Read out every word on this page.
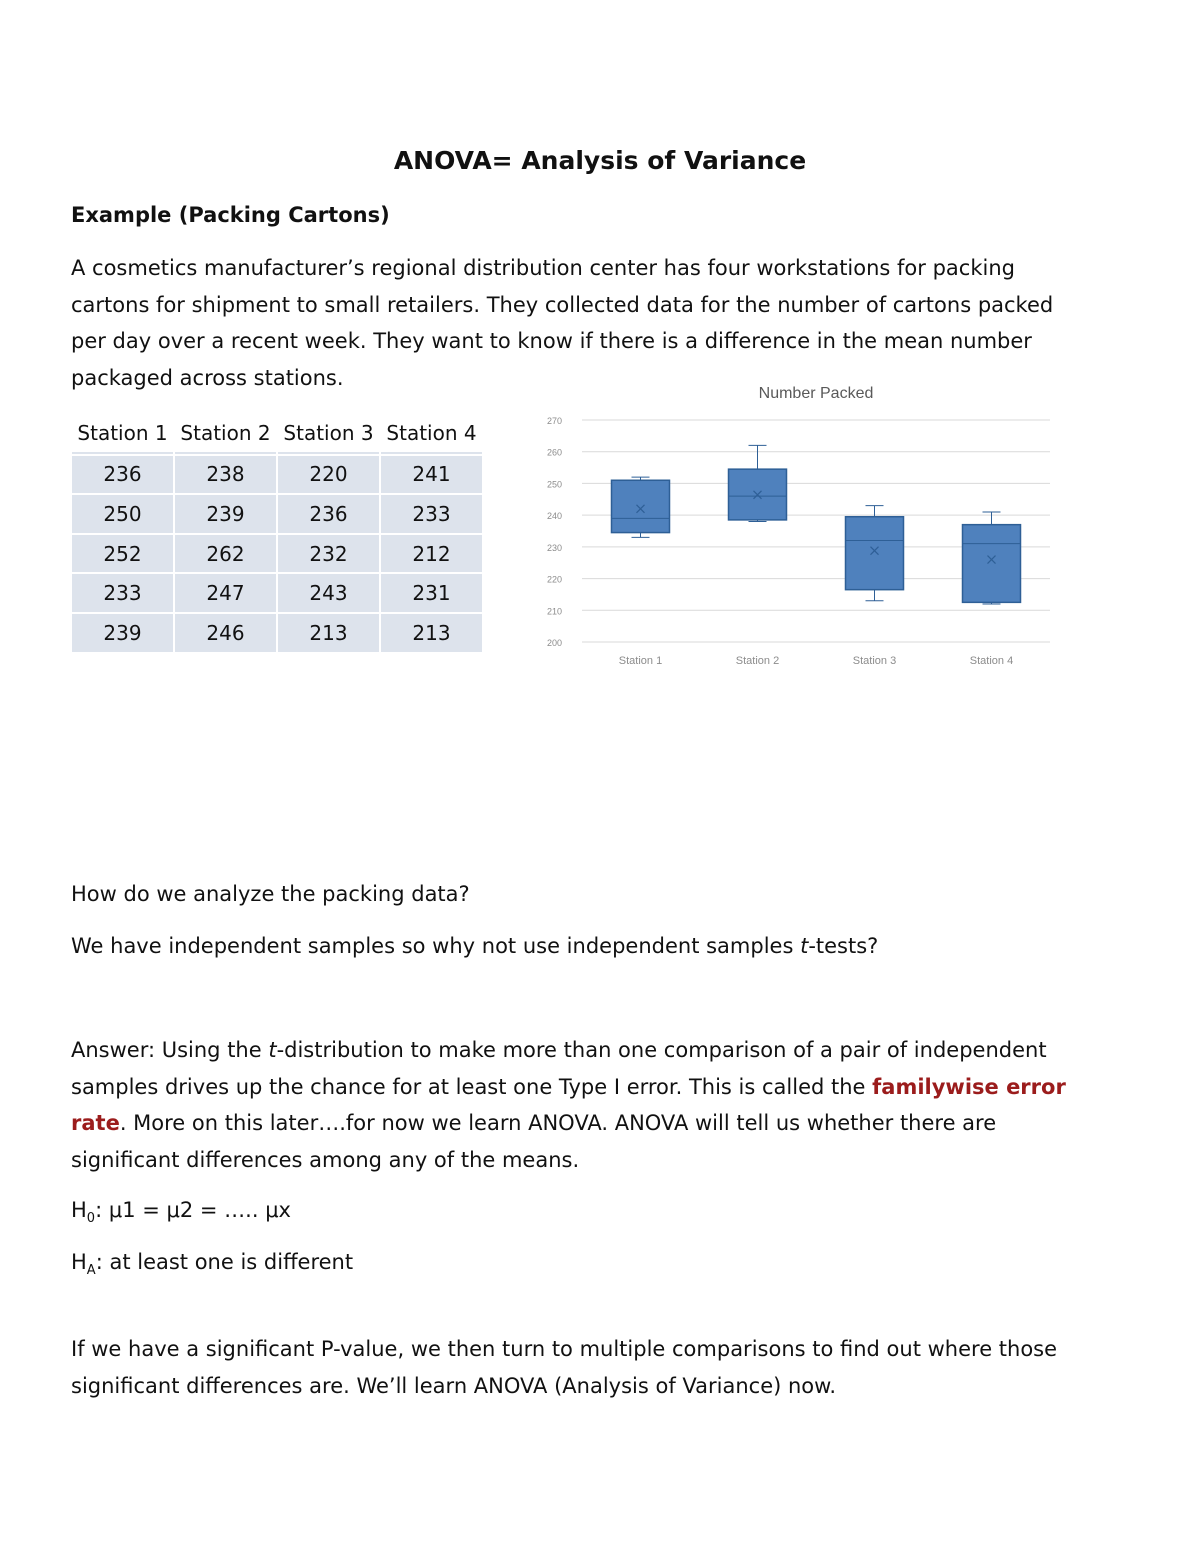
ANOVA= Analysis of Variance
Example (Packing Cartons)
A cosmetics manufacturer’s regional distribution center has four workstations for packing
cartons for shipment to small retailers. They collected data for the number of cartons packed
per day over a recent week. They want to know if there is a difference in the mean number
packaged across stations.
Station 1	Station 2	Station 3	Station 4
236	238	220	241
250	239	236	233
252	262	232	212
233	247	243	231
239	246	213	213
Number Packed
200
210
220
230
240
250
260
270
Station 1	Station 2	Station 3	Station 4
How do we analyze the packing data?
We have independent samples so why not use independent samples t-tests?
Answer: Using the t-distribution to make more than one comparison of a pair of independent
samples drives up the chance for at least one Type I error. This is called the familywise error
rate. More on this later….for now we learn ANOVA. ANOVA will tell us whether there are
significant differences among any of the means.
$H_0$: μ1 = μ2 = ….. μx
$H_A$: at least one is different
If we have a significant P-value, we then turn to multiple comparisons to find out where those
significant differences are. We’ll learn ANOVA (Analysis of Variance) now.
